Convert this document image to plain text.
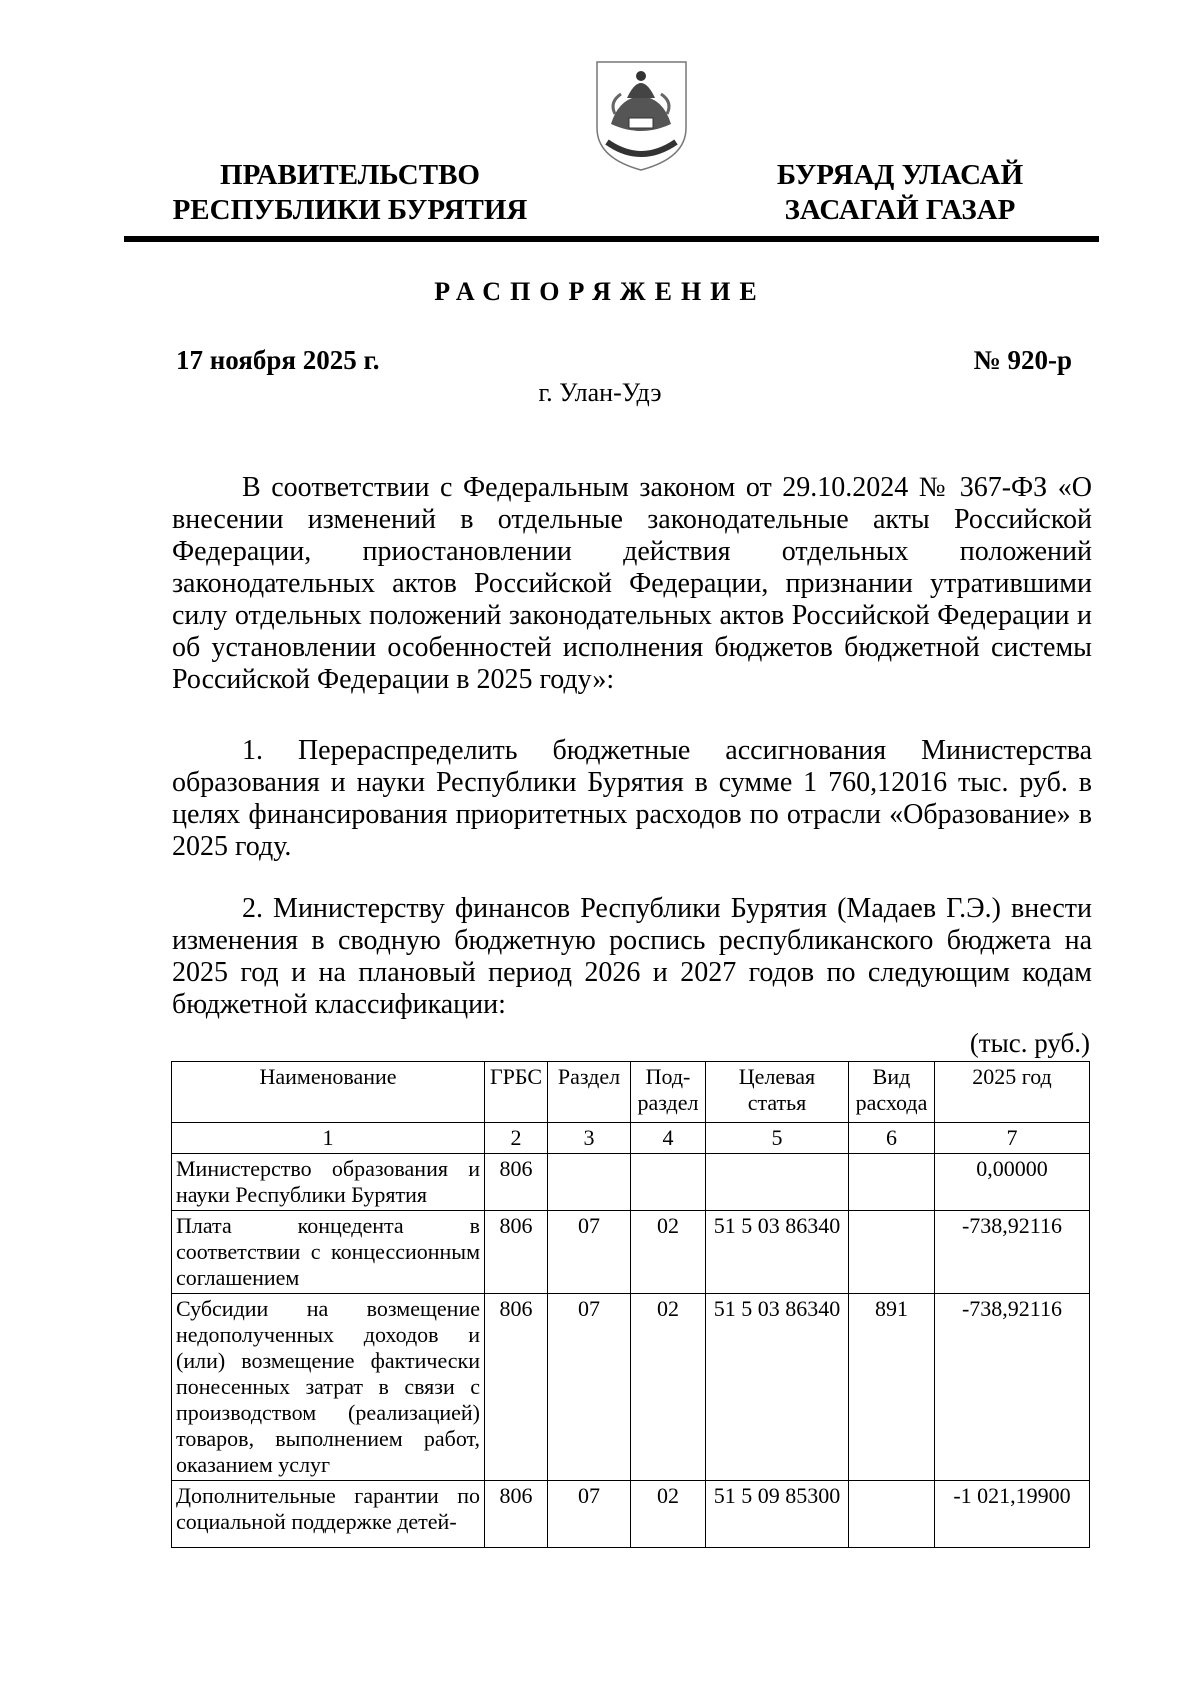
ПРАВИТЕЛЬСТВО
РЕСПУБЛИКИ БУРЯТИЯ
БУРЯАД УЛАСАЙ
ЗАСАГАЙ ГАЗАР
РАСПОРЯЖЕНИЕ
17 ноября 2025 г.	№ 920-р
г. Улан-Удэ

В соответствии с Федеральным законом от 29.10.2024 № 367-ФЗ «О внесении изменений в отдельные законодательные акты Российской Федерации, приостановлении действия отдельных положений законодательных актов Российской Федерации, признании утратившими силу отдельных положений законодательных актов Российской Федерации и об установлении особенностей исполнения бюджетов бюджетной системы Российской Федерации в 2025 году»:

1. Перераспределить бюджетные ассигнования Министерства образования и науки Республики Бурятия в сумме 1 760,12016 тыс. руб. в целях финансирования приоритетных расходов по отрасли «Образование» в 2025 году.

2. Министерству финансов Республики Бурятия (Мадаев Г.Э.) внести изменения в сводную бюджетную роспись республиканского бюджета на 2025 год и на плановый период 2026 и 2027 годов по следующим кодам бюджетной классификации:

(тыс. руб.)
Наименование	ГРБС	Раздел	Под-раздел	Целевая статья	Вид расхода	2025 год
1	2	3	4	5	6	7
Министерство образования и науки Республики Бурятия	806					0,00000
Плата концедента в соответствии с концессионным соглашением	806	07	02	51 5 03 86340		-738,92116
Субсидии на возмещение недополученных доходов и (или) возмещение фактически понесенных затрат в связи с производством (реализацией) товаров, выполнением работ, оказанием услуг	806	07	02	51 5 03 86340	891	-738,92116

Дополнительные гарантии по социальной поддержке детей-	806	07	02	51 5 09 85300		-1 021,19900
